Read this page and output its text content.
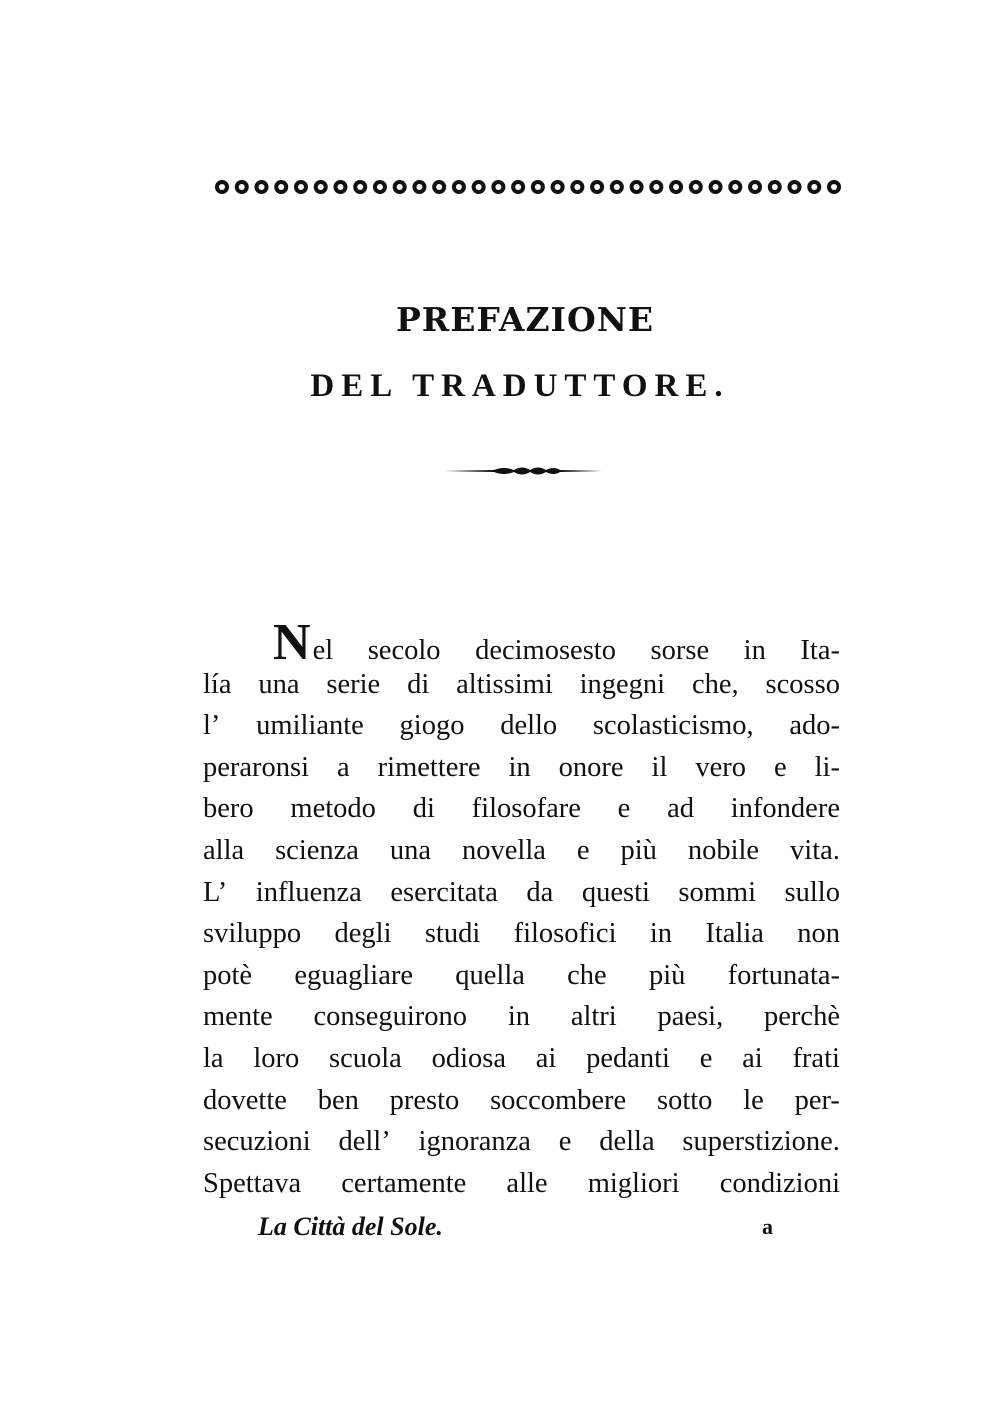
PREFAZIONE
DEL TRADUTTORE.
N el secolo decimosesto sorse in Ita-
lía una serie di altissimi ingegni che, scosso
l’ umiliante giogo dello scolasticismo, ado-
peraronsi a rimettere in onore il vero e li-
bero metodo di filosofare e ad infondere
alla scienza una novella e più nobile vita.
L’ influenza esercitata da questi sommi sullo
sviluppo degli studi filosofici in Italia non
potè eguagliare quella che più fortunata-
mente conseguirono in altri paesi, perchè
la loro scuola odiosa ai pedanti e ai frati
dovette ben presto soccombere sotto le per-
secuzioni dell’ ignoranza e della superstizione.
Spettava certamente alle migliori condizioni
La Città del Sole.	a
